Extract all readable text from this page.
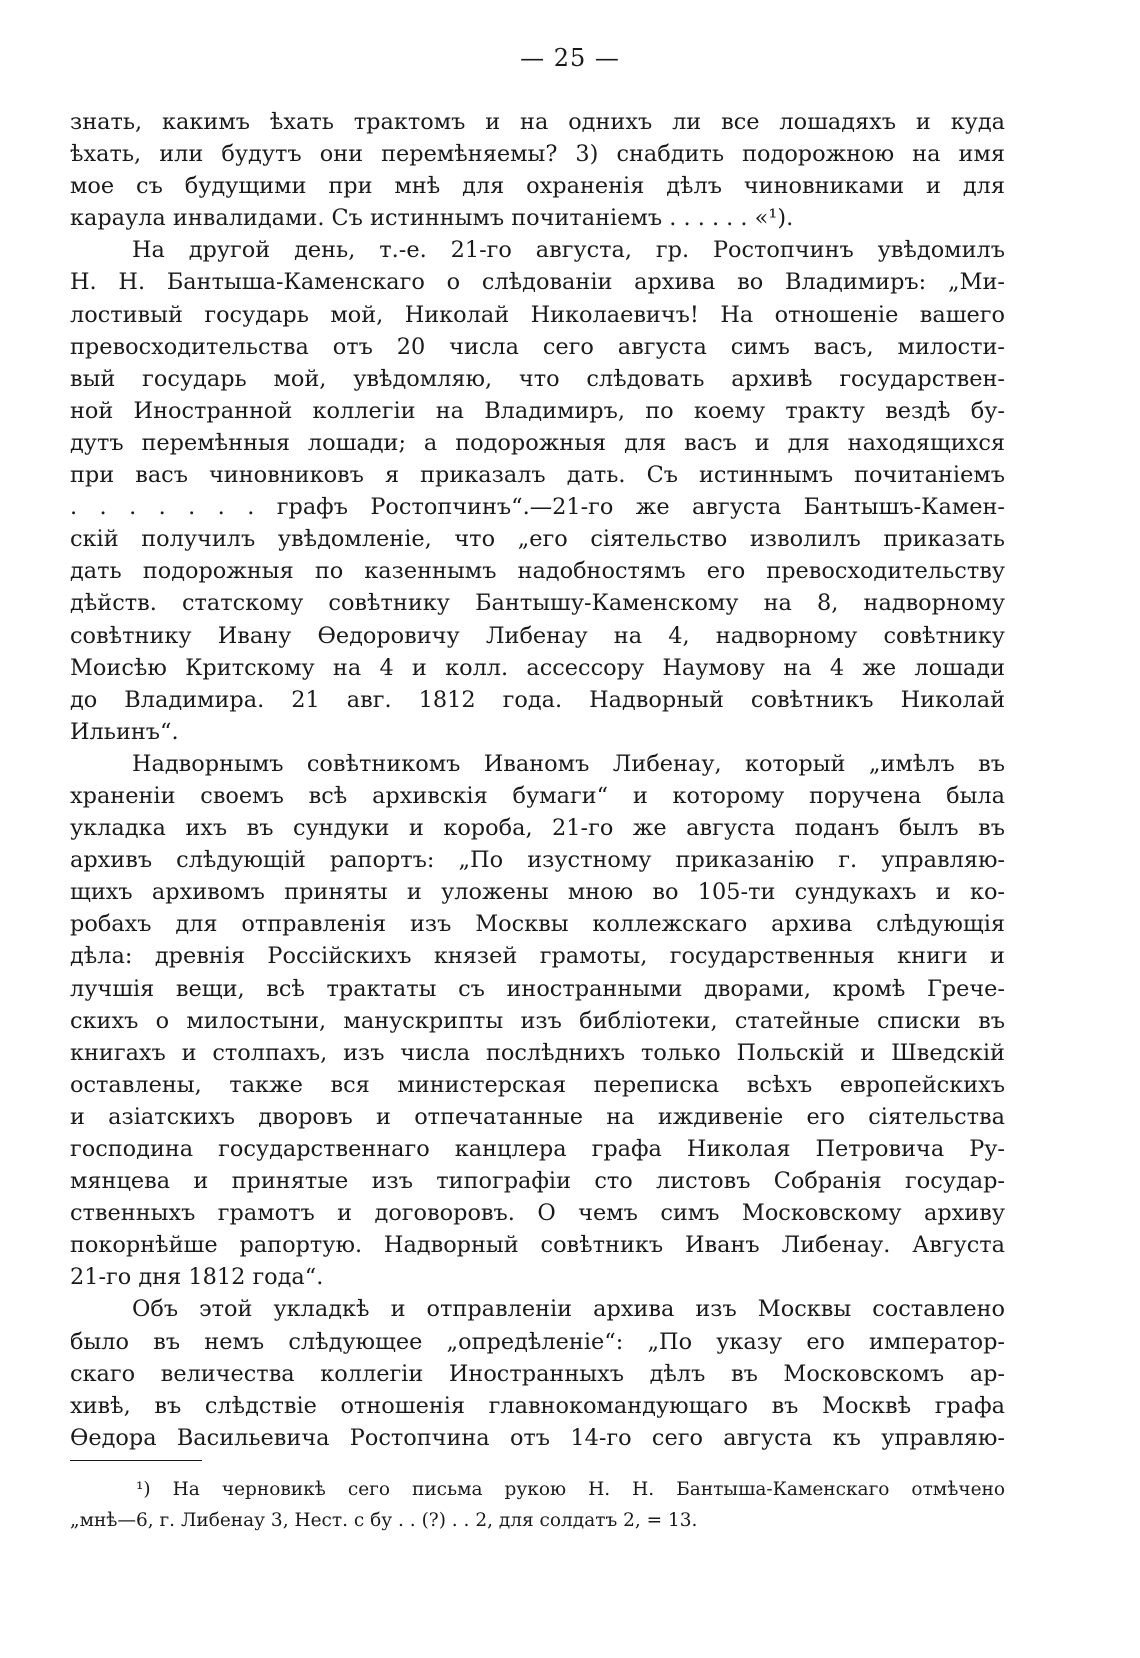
— 25 —
знать, какимъ ѣхать трактомъ и на однихъ ли все лошадяхъ и куда
ѣхать, или будутъ они перемѣняемы? 3) снабдить подорожною на имя
мое съ будущими при мнѣ для охраненія дѣлъ чиновниками и для
караула инвалидами. Съ истиннымъ почитаніемъ . . . . . . «¹).
На другой день, т.-е. 21-го августа, гр. Ростопчинъ увѣдомилъ
Н. Н. Бантыша-Каменскаго о слѣдованіи архива во Владимиръ: „Ми-
лостивый государь мой, Николай Николаевичъ! На отношеніе вашего
превосходительства отъ 20 числа сего августа симъ васъ, милости-
вый государь мой, увѣдомляю, что слѣдовать архивѣ государствен-
ной Иностранной коллегіи на Владимиръ, по коему тракту вездѣ бу-
дутъ перемѣнныя лошади; а подорожныя для васъ и для находящихся
при васъ чиновниковъ я приказалъ дать. Съ истиннымъ почитаніемъ
. . . . . . . графъ Ростопчинъ“.—21-го же августа Бантышъ-Камен-
скій получилъ увѣдомленіе, что „его сіятельство изволилъ приказать
дать подорожныя по казеннымъ надобностямъ его превосходительству
дѣйств. статскому совѣтнику Бантышу-Каменскому на 8, надворному
совѣтнику Ивану Ѳедоровичу Либенау на 4, надворному совѣтнику
Моисѣю Критскому на 4 и колл. ассессору Наумову на 4 же лошади
до Владимира. 21 авг. 1812 года. Надворный совѣтникъ Николай
Ильинъ“.
Надворнымъ совѣтникомъ Иваномъ Либенау, который „имѣлъ въ
храненіи своемъ всѣ архивскія бумаги“ и которому поручена была
укладка ихъ въ сундуки и короба, 21-го же августа поданъ былъ въ
архивъ слѣдующій рапортъ: „По изустному приказанію г. управляю-
щихъ архивомъ приняты и уложены мною во 105-ти сундукахъ и ко-
робахъ для отправленія изъ Москвы коллежскаго архива слѣдующія
дѣла: древнія Россійскихъ князей грамоты, государственныя книги и
лучшія вещи, всѣ трактаты съ иностранными дворами, кромѣ Грече-
скихъ о милостыни, манускрипты изъ библіотеки, статейные списки въ
книгахъ и столпахъ, изъ числа послѣднихъ только Польскій и Шведскій
оставлены, также вся министерская переписка всѣхъ европейскихъ
и азіатскихъ дворовъ и отпечатанные на иждивеніе его сіятельства
господина государственнаго канцлера графа Николая Петровича Ру-
мянцева и принятые изъ типографіи сто листовъ Собранія государ-
ственныхъ грамотъ и договоровъ. О чемъ симъ Московскому архиву
покорнѣйше рапортую. Надворный совѣтникъ Иванъ Либенау. Августа
21-го дня 1812 года“.
Объ этой укладкѣ и отправленіи архива изъ Москвы составлено
было въ немъ слѣдующее „опредѣленіе“: „По указу его император-
скаго величества коллегіи Иностранныхъ дѣлъ въ Московскомъ ар-
хивѣ, въ слѣдствіе отношенія главнокомандующаго въ Москвѣ графа
Ѳедора Васильевича Ростопчина отъ 14-го сего августа къ управляю-
¹) На черновикѣ сего письма рукою Н. Н. Бантыша-Каменскаго отмѣчено
„мнѣ—6, г. Либенау 3, Нест. с бу . . (?) . . 2, для солдатъ 2, = 13.
